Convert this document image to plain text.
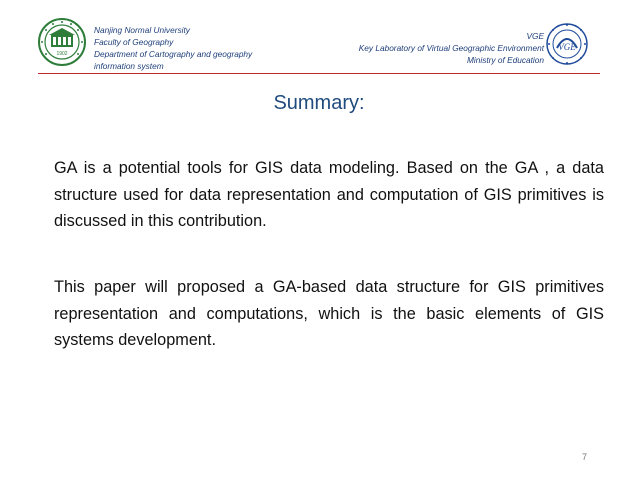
1902
Nanjing Normal University
Faculty of Geography
Department of Cartography and geography
information system
VGE
Key Laboratory of Virtual Geographic Environment
Ministry of Education
VGE
Summary:

GA is a potential tools for GIS data modeling. Based on the GA , a data structure used for data representation and computation of GIS primitives is discussed in this contribution.

This paper will proposed a GA-based data structure for GIS primitives representation and computations, which is the basic elements of GIS systems development.

7
